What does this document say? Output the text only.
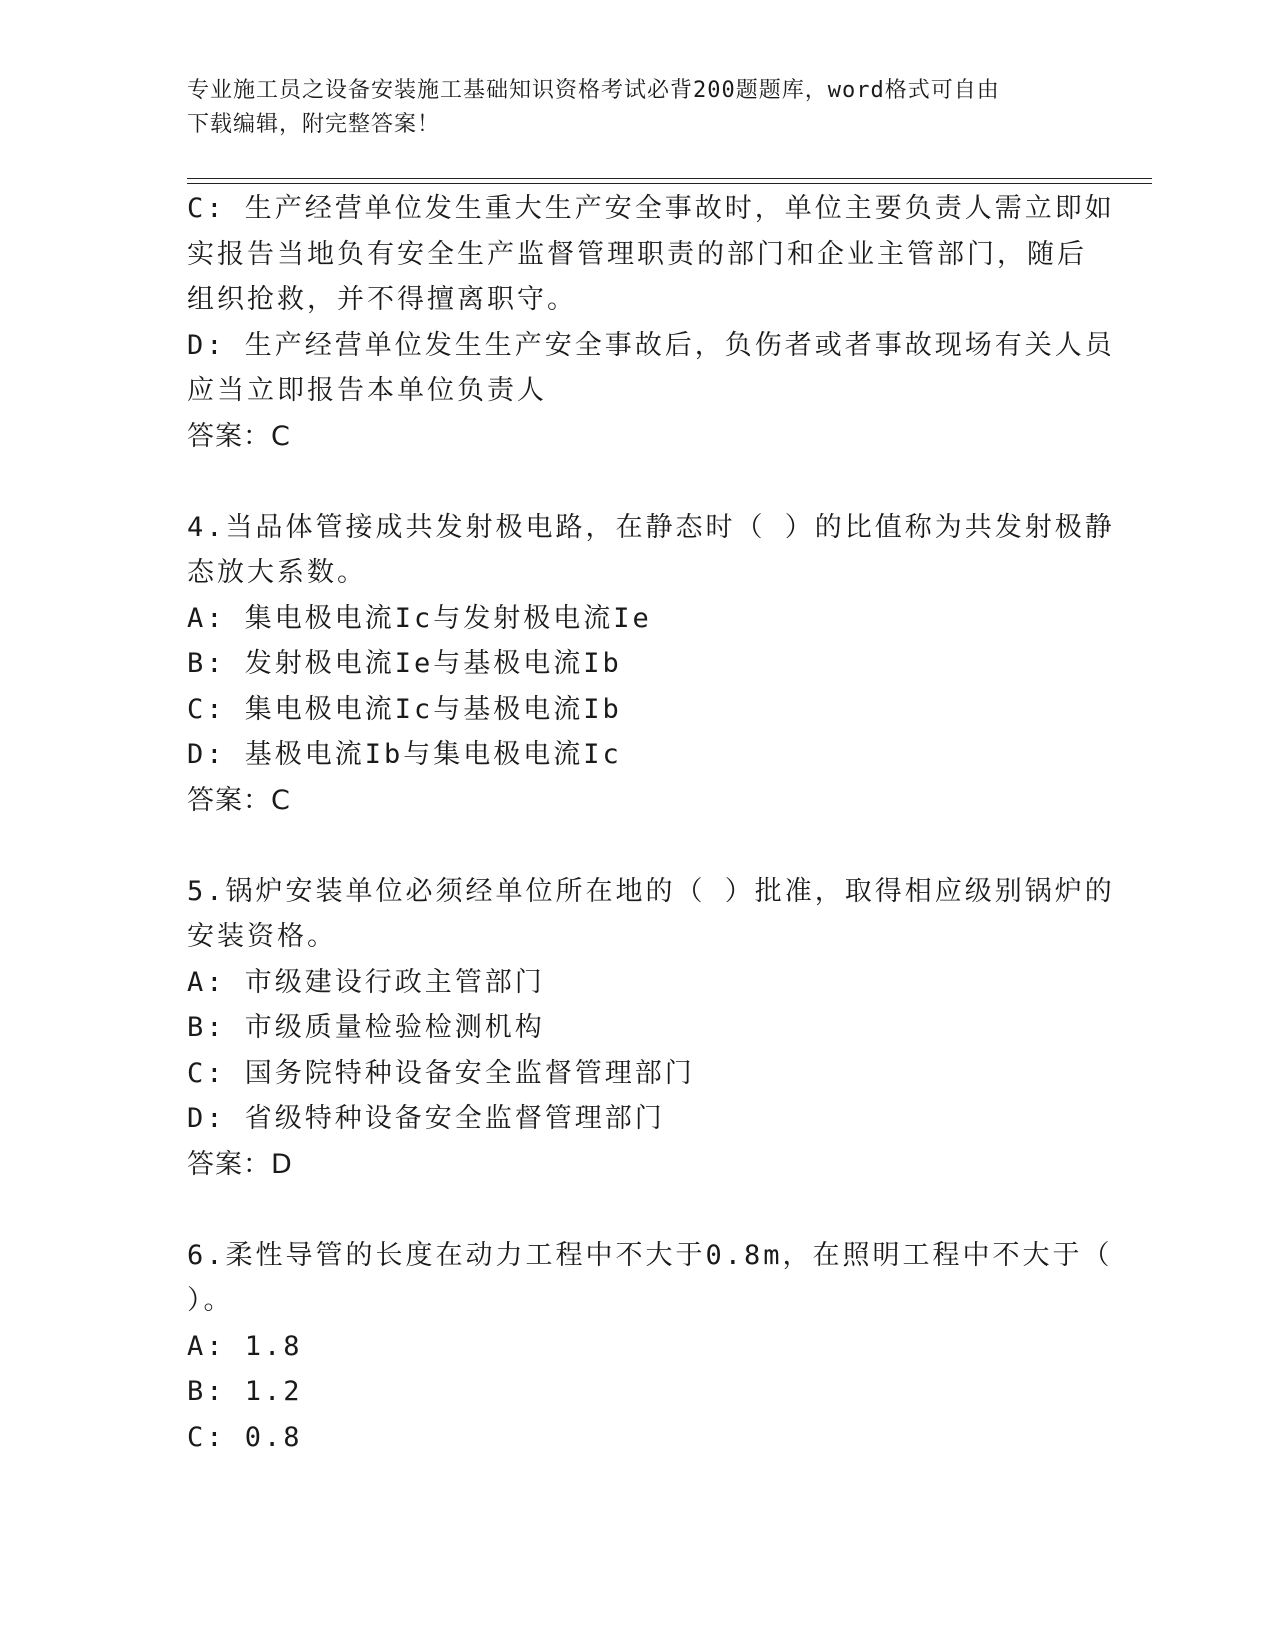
专业施工员之设备安装施工基础知识资格考试必背200题题库，word格式可自由
下载编辑，附完整答案！
C: 生产经营单位发生重大生产安全事故时，单位主要负责人需立即如
实报告当地负有安全生产监督管理职责的部门和企业主管部门，随后
组织抢救，并不得擅离职守。
D: 生产经营单位发生生产安全事故后，负伤者或者事故现场有关人员
应当立即报告本单位负责人
答案：C
4.当品体管接成共发射极电路，在静态时（ ）的比值称为共发射极静
态放大系数。
A: 集电极电流Ic与发射极电流Ie
B: 发射极电流Ie与基极电流Ib
C: 集电极电流Ic与基极电流Ib
D: 基极电流Ib与集电极电流Ic
答案：C
5.锅炉安装单位必须经单位所在地的（ ）批准，取得相应级别锅炉的
安装资格。
A: 市级建设行政主管部门
B: 市级质量检验检测机构
C: 国务院特种设备安全监督管理部门
D: 省级特种设备安全监督管理部门
答案：D
6.柔性导管的长度在动力工程中不大于0.8m，在照明工程中不大于（
）。
A: 1.8
B: 1.2
C: 0.8
